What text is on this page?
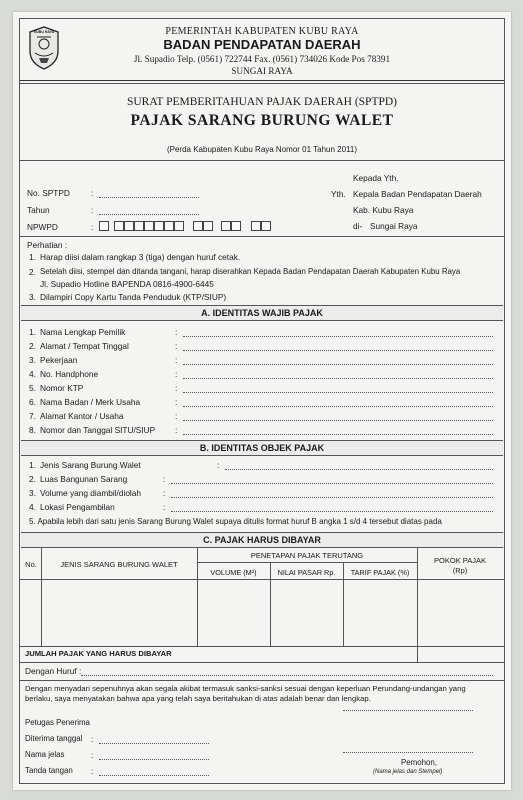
KUBU RAYA	PEMERINTAH KABUPATEN KUBU RAYA
BADAN PENDAPATAN DAERAH
Jl. Supadio Telp. (0561) 722744 Fax. (0561) 734026 Kode Pos 78391
SUNGAI RAYA
SURAT PEMBERITAHUAN PAJAK DAERAH (SPTPD)
PAJAK SARANG BURUNG WALET
(Perda Kabupaten Kubu Raya Nomor 01 Tahun 2011)
No. SPTPD	:
Tahun	:
NPWPD	:
Kepada Yth.
Yth. Kepala Badan Pendapatan Daerah
Kab. Kubu Raya
di- Sungai Raya
Perhatian :
1. Harap diisi dalam rangkap 3 (tiga) dengan huruf cetak.
2. Setelah diisi, stempel dan ditanda tangani, harap diserahkan Kepada Badan Pendapatan Daerah Kabupaten Kubu Raya
Jl. Supadio Hotline BAPENDA 0816-4900-6445
3. Dilampiri Copy Kartu Tanda Penduduk (KTP/SIUP)
A. IDENTITAS WAJIB PAJAK
1. Nama Lengkap Pemilik	:
2. Alamat / Tempat Tinggal	:
3. Pekerjaan	:
4. No. Handphone	:
5. Nomor KTP	:
6. Nama Badan / Merk Usaha	:
7. Alamat Kantor / Usaha	:
8. Nomor dan Tanggal SITU/SIUP :
B. IDENTITAS OBJEK PAJAK
1. Jenis Sarang Burung Walet	:
2. Luas Bangunan Sarang	:
3. Volume yang diambil/diolah	:
4. Lokasi Pengambilan	:
5. Apabila lebih dari satu jenis Sarang Burung Walet supaya ditulis format huruf B angka 1 s/d 4 tersebut diatas pada
C. PAJAK HARUS DIBAYAR
No.	JENIS SARANG BURUNG WALET
PENETAPAN PAJAK TERUTANG
VOLUME (M²)	NILAI PASAR Rp.	TARIF PAJAK (%)
POKOK PAJAK
(Rp)
JUMLAH PAJAK YANG HARUS DIBAYAR
Dengan Huruf :
Dengan menyadari sepenuhnya akan segala akibat termasuk sanksi-sanksi sesuai dengan keperluan Perundang-undangan yang
berlaku, saya menyatakan bahwa apa yang telah saya beritahukan di atas adalah benar dan lengkap.
Petugas Penerima
Diterima tanggal :
Nama jelas	:
Tanda tangan :
Pemohon,
(Nama jelas dan Stempel)
